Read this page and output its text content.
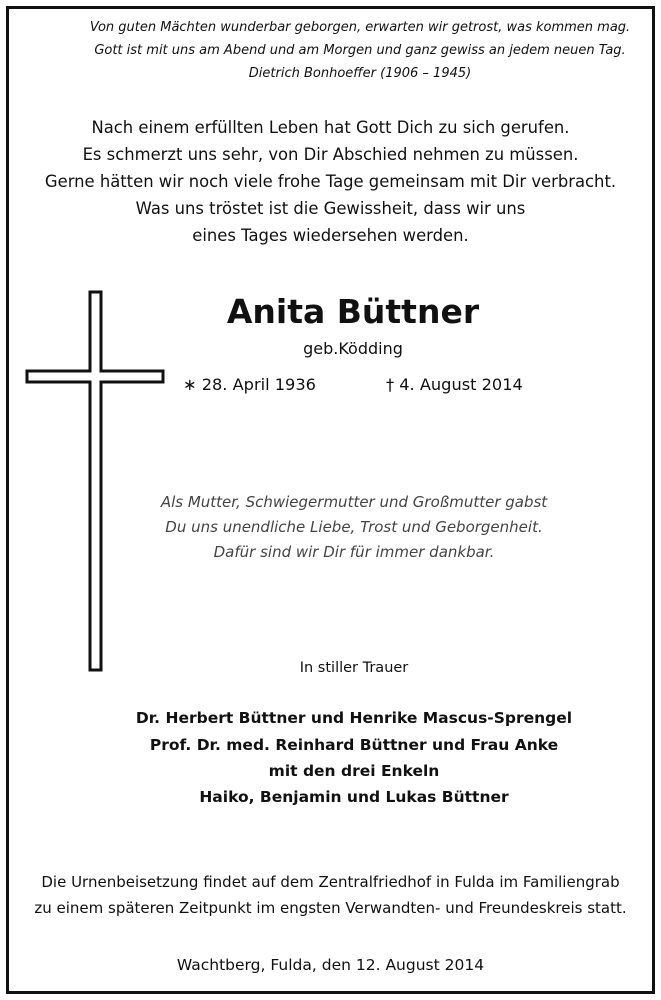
Von guten Mächten wunderbar geborgen, erwarten wir getrost, was kommen mag.
Gott ist mit uns am Abend und am Morgen und ganz gewiss an jedem neuen Tag.
Dietrich Bonhoeffer (1906 – 1945)
Nach einem erfüllten Leben hat Gott Dich zu sich gerufen.
Es schmerzt uns sehr, von Dir Abschied nehmen zu müssen.
Gerne hätten wir noch viele frohe Tage gemeinsam mit Dir verbracht.
Was uns tröstet ist die Gewissheit, dass wir uns
eines Tages wiedersehen werden.
Anita Büttner
geb.Ködding
∗ 28. April 1936	† 4. August 2014
Als Mutter, Schwiegermutter und Großmutter gabst
Du uns unendliche Liebe, Trost und Geborgenheit.
Dafür sind wir Dir für immer dankbar.
In stiller Trauer
Dr. Herbert Büttner und Henrike Mascus-Sprengel
Prof. Dr. med. Reinhard Büttner und Frau Anke
mit den drei Enkeln
Haiko, Benjamin und Lukas Büttner
Die Urnenbeisetzung findet auf dem Zentralfriedhof in Fulda im Familiengrab
zu einem späteren Zeitpunkt im engsten Verwandten- und Freundeskreis statt.
Wachtberg, Fulda, den 12. August 2014
